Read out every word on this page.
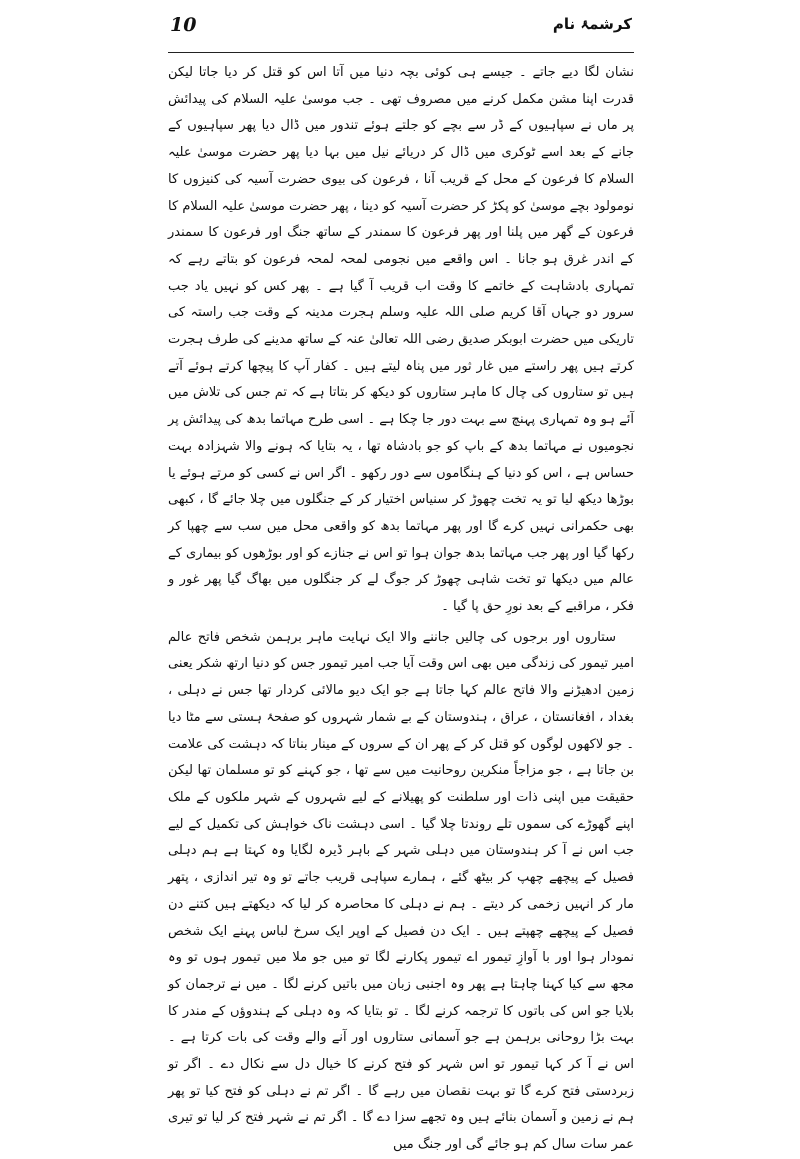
10	کرشمۂ نام

نشان لگا دیے جاتے ۔ جیسے ہی کوئی بچہ دنیا میں آتا اس کو قتل کر دیا جاتا لیکن قدرت اپنا مشن مکمل کرنے میں مصروف تھی ۔ جب موسیٰ علیہ السلام کی پیدائش پر ماں نے سپاہیوں کے ڈر سے بچے کو جلتے ہوئے تندور میں ڈال دیا پھر سپاہیوں کے جانے کے بعد اسے ٹوکری میں ڈال کر دریائے نیل میں بہا دیا پھر حضرت موسیٰ علیہ السلام کا فرعون کے محل کے قریب آنا ، فرعون کی بیوی حضرت آسیہ کی کنیزوں کا نومولود بچے موسیٰ کو پکڑ کر حضرت آسیہ کو دینا ، پھر حضرت موسیٰ علیہ السلام کا فرعون کے گھر میں پلنا اور پھر فرعون کا سمندر کے ساتھ جنگ اور فرعون کا سمندر کے اندر غرق ہو جانا ۔ اس واقعے میں نجومی لمحہ لمحہ فرعون کو بتاتے رہے کہ تمہاری بادشاہت کے خاتمے کا وقت اب قریب آ گیا ہے ۔ پھر کس کو نہیں یاد جب سرور دو جہاں آقا کریم صلی اللہ علیہ وسلم ہجرت مدینہ کے وقت جب راستہ کی تاریکی میں حضرت ابوبکر صدیق رضی اللہ تعالیٰ عنہ کے ساتھ مدینے کی طرف ہجرت کرتے ہیں پھر راستے میں غار ثور میں پناہ لیتے ہیں ۔ کفار آپ کا پیچھا کرتے ہوئے آتے ہیں تو ستاروں کی چال کا ماہر ستاروں کو دیکھ کر بتاتا ہے کہ تم جس کی تلاش میں آئے ہو وہ تمہاری پہنچ سے بہت دور جا چکا ہے ۔ اسی طرح مہاتما بدھ کی پیدائش پر نجومیوں نے مہاتما بدھ کے باپ کو جو بادشاہ تھا ، یہ بتایا کہ ہونے والا شہزادہ بہت حساس ہے ، اس کو دنیا کے ہنگاموں سے دور رکھو ۔ اگر اس نے کسی کو مرتے ہوئے یا بوڑھا دیکھ لیا تو یہ تخت چھوڑ کر سنیاس اختیار کر کے جنگلوں میں چلا جائے گا ، کبھی بھی حکمرانی نہیں کرے گا اور پھر مہاتما بدھ کو واقعی محل میں سب سے چھپا کر رکھا گیا اور پھر جب مہاتما بدھ جوان ہوا تو اس نے جنازے کو اور بوڑھوں کو بیماری کے عالم میں دیکھا تو تخت شاہی چھوڑ کر جوگ لے کر جنگلوں میں بھاگ گیا پھر غور و فکر ، مراقبے کے بعد نورِ حق پا گیا ۔

ستاروں اور برجوں کی چالیں جاننے والا ایک نہایت ماہر برہمن شخص فاتح عالم امیر تیمور کی زندگی میں بھی اس وقت آیا جب امیر تیمور جس کو دنیا ارتھ شکر یعنی زمین ادھیڑنے والا فاتح عالم کہا جاتا ہے جو ایک دیو مالائی کردار تھا جس نے دہلی ، بغداد ، افغانستان ، عراق ، ہندوستان کے بے شمار شہروں کو صفحۂ ہستی سے مٹا دیا ۔ جو لاکھوں لوگوں کو قتل کر کے پھر ان کے سروں کے مینار بناتا کہ دہشت کی علامت بن جاتا ہے ، جو مزاجاً منکرین روحانیت میں سے تھا ، جو کہنے کو تو مسلمان تھا لیکن حقیقت میں اپنی ذات اور سلطنت کو پھیلانے کے لیے شہروں کے شہر ملکوں کے ملک اپنے گھوڑے کی سموں تلے روندتا چلا گیا ۔ اسی دہشت ناک خواہش کی تکمیل کے لیے جب اس نے آ کر ہندوستان میں دہلی شہر کے باہر ڈیرہ لگایا وہ کہتا ہے ہم دہلی فصیل کے پیچھے چھپ کر بیٹھ گئے ، ہمارے سپاہی قریب جاتے تو وہ تیر اندازی ، پتھر مار کر انہیں زخمی کر دیتے ۔ ہم نے دہلی کا محاصرہ کر لیا کہ دیکھتے ہیں کتنے دن فصیل کے پیچھے چھپتے ہیں ۔ ایک دن فصیل کے اوپر ایک سرخ لباس پہنے ایک شخص نمودار ہوا اور با آوازِ تیمور اے تیمور پکارنے لگا تو میں جو ملا میں تیمور ہوں تو وہ مجھ سے کیا کہنا چاہتا ہے پھر وہ اجنبی زبان میں باتیں کرنے لگا ۔ میں نے ترجمان کو بلایا جو اس کی باتوں کا ترجمہ کرنے لگا ۔ تو بتایا کہ وہ دہلی کے ہندوؤں کے مندر کا بہت بڑا روحانی برہمن ہے جو آسمانی ستاروں اور آنے والے وقت کی بات کرتا ہے ۔ اس نے آ کر کہا تیمور تو اس شہر کو فتح کرنے کا خیال دل سے نکال دے ۔ اگر تو زبردستی فتح کرے گا تو بہت نقصان میں رہے گا ۔ اگر تم نے دہلی کو فتح کیا تو پھر ہم نے زمین و آسمان بنائے ہیں وہ تجھے سزا دے گا ۔ اگر تم نے شہر فتح کر لیا تو تیری عمر سات سال کم ہو جائے گی اور جنگ میں
